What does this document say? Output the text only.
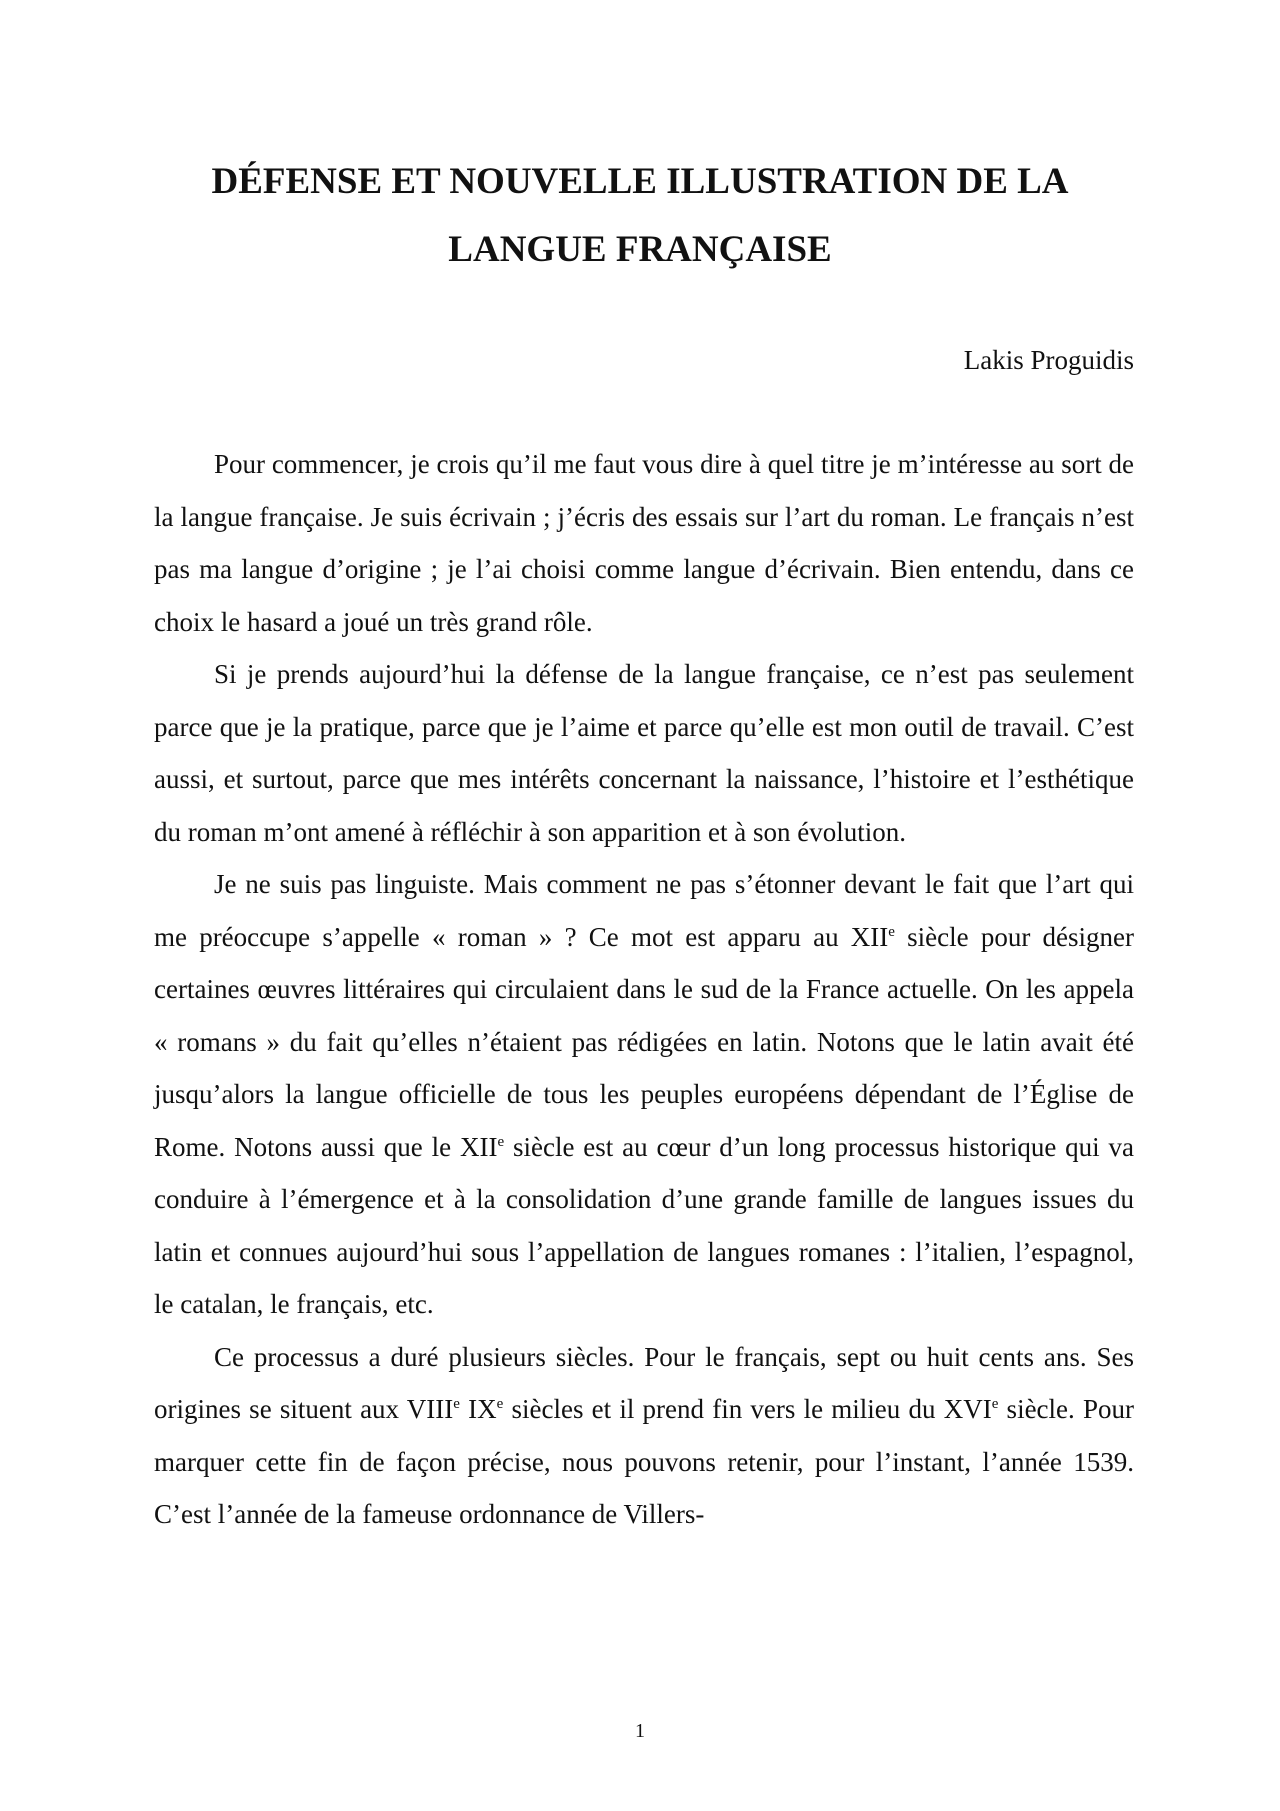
DÉFENSE ET NOUVELLE ILLUSTRATION DE LA LANGUE FRANÇAISE

Lakis Proguidis

Pour commencer, je crois qu’il me faut vous dire à quel titre je m’intéresse au sort de la langue française. Je suis écrivain ; j’écris des essais sur l’art du roman. Le français n’est pas ma langue d’origine ; je l’ai choisi comme langue d’écrivain. Bien entendu, dans ce choix le hasard a joué un très grand rôle.

Si je prends aujourd’hui la défense de la langue française, ce n’est pas seulement parce que je la pratique, parce que je l’aime et parce qu’elle est mon outil de travail. C’est aussi, et surtout, parce que mes intérêts concernant la naissance, l’histoire et l’esthétique du roman m’ont amené à réfléchir à son apparition et à son évolution.

Je ne suis pas linguiste. Mais comment ne pas s’étonner devant le fait que l’art qui me préoccupe s’appelle « roman » ? Ce mot est apparu au XIIe siècle pour désigner certaines œuvres littéraires qui circulaient dans le sud de la France actuelle. On les appela « romans » du fait qu’elles n’étaient pas rédigées en latin. Notons que le latin avait été jusqu’alors la langue officielle de tous les peuples européens dépendant de l’Église de Rome. Notons aussi que le XIIe siècle est au cœur d’un long processus historique qui va conduire à l’émergence et à la consolidation d’une grande famille de langues issues du latin et connues aujourd’hui sous l’appellation de langues romanes : l’italien, l’espagnol, le catalan, le français, etc.

Ce processus a duré plusieurs siècles. Pour le français, sept ou huit cents ans. Ses origines se situent aux VIIIe IXe siècles et il prend fin vers le milieu du XVIe siècle. Pour marquer cette fin de façon précise, nous pouvons retenir, pour l’instant, l’année 1539. C’est l’année de la fameuse ordonnance de Villers-

1
